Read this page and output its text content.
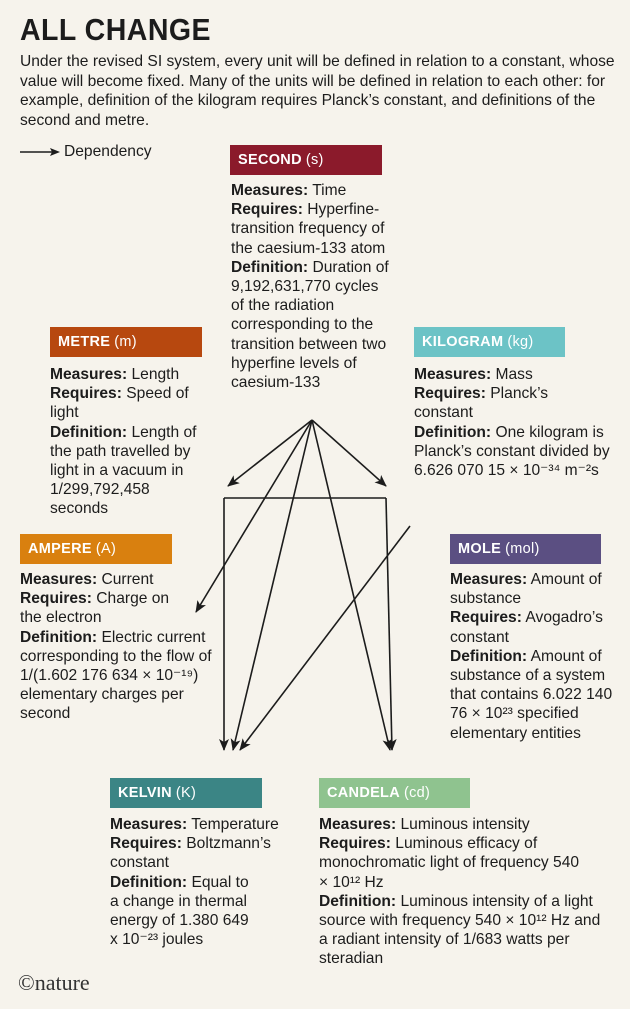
ALL CHANGE
Under the revised SI system, every unit will be defined in relation to a constant, whose value will become fixed. Many of the units will be defined in relation to each other: for example, definition of the kilogram requires Planck’s constant, and definitions of the second and metre.
Dependency	SECOND (s)
Measures: Time
Requires: Hyperfine-transition frequency of the caesium-133 atom
Definition: Duration of 9,192,631,770 cycles of the radiation corresponding to the transition between two hyperfine levels of caesium-133
METRE (m)
Measures: Length
Requires: Speed of light
Definition: Length of the path travelled by light in a vacuum in 1/299,792,458 seconds
KILOGRAM (kg)
Measures: Mass
Requires: Planck’s constant
Definition: One kilogram is Planck’s constant divided by 6.626 070 15 × 10⁻³⁴ m⁻²s
AMPERE (A)
Measures: Current
Requires: Charge on the electron
Definition: Electric current corresponding to the flow of 1/(1.602 176 634 × 10⁻¹⁹) elementary charges per second
MOLE (mol)
Measures: Amount of substance
Requires: Avogadro’s constant
Definition: Amount of substance of a system that contains 6.022 140 76 × 10²³ specified elementary entities
KELVIN (K)
Measures: Temperature
Requires: Boltzmann’s constant
Definition: Equal to a change in thermal energy of 1.380 649 x 10⁻²³ joules
CANDELA (cd)
Measures: Luminous intensity
Requires: Luminous efficacy of monochromatic light of frequency 540 × 10¹² Hz
Definition: Luminous intensity of a light source with frequency 540 × 10¹² Hz and a radiant intensity of 1/683 watts per steradian
©nature
